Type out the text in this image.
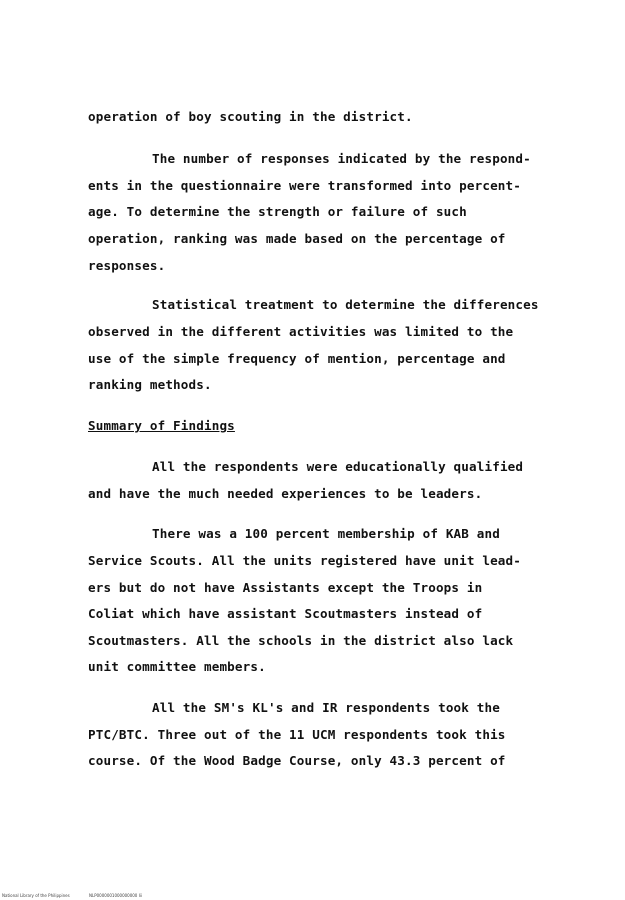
operation of boy scouting in the district.

The number of responses indicated by the respond-

ents in the questionnaire were transformed into percent-

age. To determine the strength or failure of such

operation, ranking was made based on the percentage of

responses.

Statistical treatment to determine the differences

observed in the different activities was limited to the

use of the simple frequency of mention, percentage and

ranking methods.

Summary of Findings

All the respondents were educationally qualified

and have the much needed experiences to be leaders.

There was a 100 percent membership of KAB and

Service Scouts. All the units registered have unit lead-

ers but do not have Assistants except the Troops in

Coliat which have assistant Scoutmasters instead of

Scoutmasters. All the schools in the district also lack

unit committee members.

All the SM's KL's and IR respondents took the

PTC/BTC. Three out of the 11 UCM respondents took this

course. Of the Wood Badge Course, only 43.3 percent of

National Library of the Philippines	NLP0000001000000000 Iii
